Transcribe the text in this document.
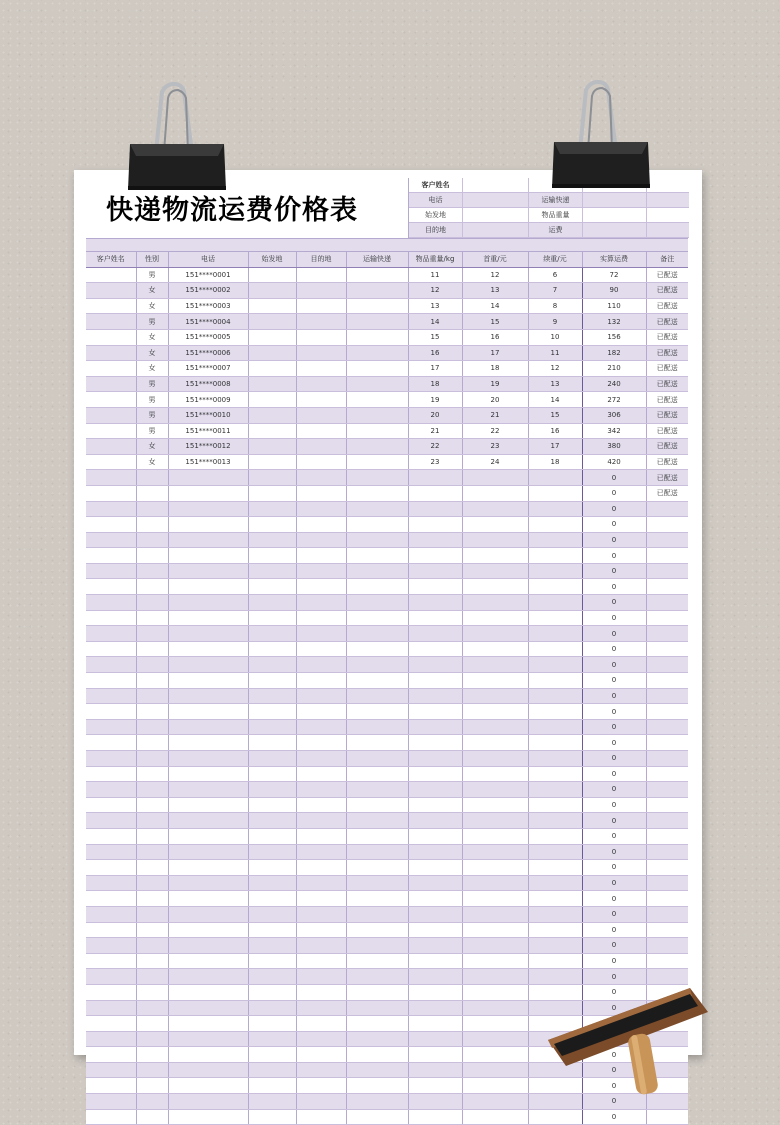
快递物流运费价格表
客户姓名
电话	运输快递
始发地	物品重量
目的地	运费
客户姓名	性别	电话	始发地	目的地	运输快递	物品重量/kg	首重/元	续重/元	实算运费	备注
	男	151****0001				11	12	6	72	已配送
	女	151****0002				12	13	7	90	已配送
	女	151****0003				13	14	8	110	已配送
	男	151****0004				14	15	9	132	已配送
	女	151****0005				15	16	10	156	已配送
	女	151****0006				16	17	11	182	已配送
	女	151****0007				17	18	12	210	已配送
	男	151****0008				18	19	13	240	已配送
	男	151****0009				19	20	14	272	已配送
	男	151****0010				20	21	15	306	已配送
	男	151****0011				21	22	16	342	已配送
	女	151****0012				22	23	17	380	已配送
	女	151****0013				23	24	18	420	已配送
									0	已配送
									0	已配送
									0	
									0	
									0	
									0	
									0	
									0	
									0	
									0	
									0	
									0	
									0	
									0	
									0	
									0	
									0	
									0	
									0	
									0	
									0	
									0	
									0	
									0	
									0	
									0	
									0	
									0	
									0	
									0	
									0	
									0	
									0	
									0	
									0	

									0	
									0	
									0	
									0	
									0	
